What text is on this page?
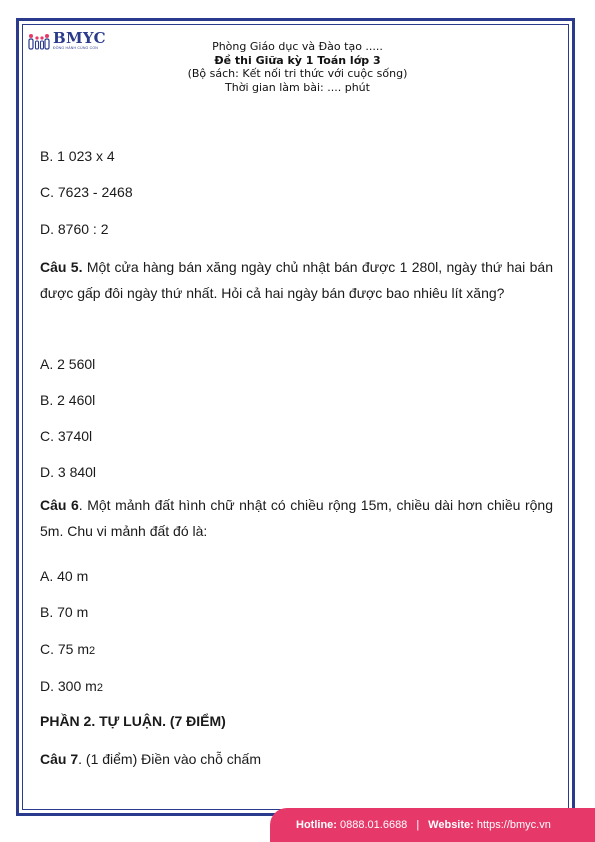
BMYC
ĐỒNG HÀNH CÙNG CON	Phòng Giáo dục và Đào tạo .....
Đề thi Giữa kỳ 1 Toán lớp 3
(Bộ sách: Kết nối tri thức với cuộc sống)
Thời gian làm bài: .... phút
B. 1 023 x 4
C. 7623 - 2468
D. 8760 : 2
Câu 5. Một cửa hàng bán xăng ngày chủ nhật bán được 1 280l, ngày thứ hai bán được gấp đôi ngày thứ nhất. Hỏi cả hai ngày bán được bao nhiêu lít xăng?
A. 2 560l
B. 2 460l
C. 3740l
D. 3 840l
Câu 6. Một mảnh đất hình chữ nhật có chiều rộng 15m, chiều dài hơn chiều rộng 5m. Chu vi mảnh đất đó là:
A. 40 m
B. 70 m
C. 75 m2
D. 300 m2
PHẦN 2. TỰ LUẬN. (7 ĐIỂM)
Câu 7. (1 điểm) Điền vào chỗ chấm
Hotline:
0888.01.6688 | Website:
https://bmyc.vn
